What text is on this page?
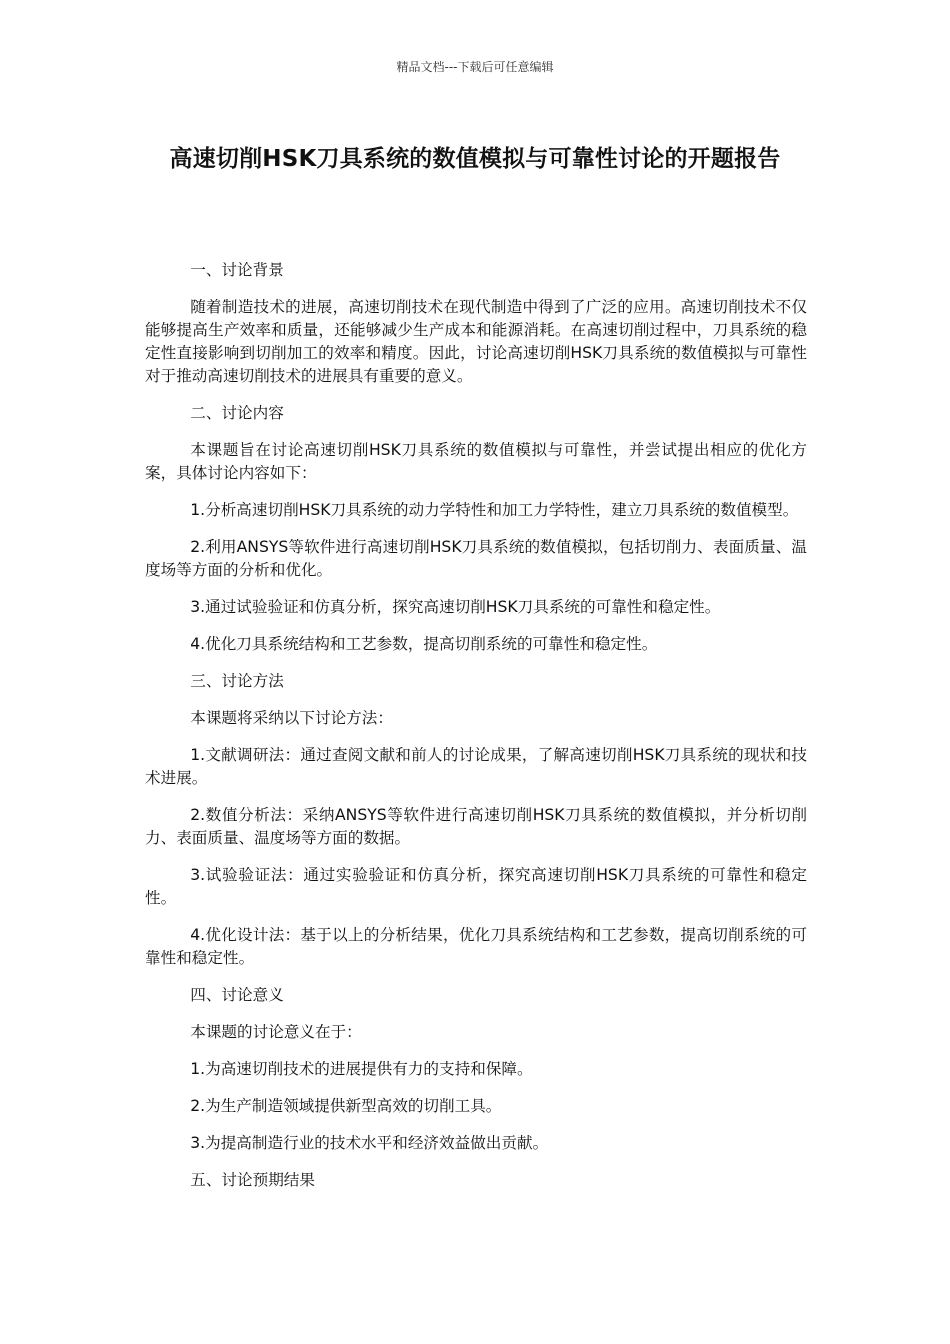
精品文档---下载后可任意编辑
高速切削HSK刀具系统的数值模拟与可靠性讨论的开题报告

一、讨论背景

随着制造技术的进展，高速切削技术在现代制造中得到了广泛的应用。高速切削技术不仅能够提高生产效率和质量，还能够减少生产成本和能源消耗。在高速切削过程中，刀具系统的稳定性直接影响到切削加工的效率和精度。因此，讨论高速切削HSK刀具系统的数值模拟与可靠性对于推动高速切削技术的进展具有重要的意义。

二、讨论内容

本课题旨在讨论高速切削HSK刀具系统的数值模拟与可靠性，并尝试提出相应的优化方案，具体讨论内容如下：

1.分析高速切削HSK刀具系统的动力学特性和加工力学特性，建立刀具系统的数值模型。

2.利用ANSYS等软件进行高速切削HSK刀具系统的数值模拟，包括切削力、表面质量、温度场等方面的分析和优化。

3.通过试验验证和仿真分析，探究高速切削HSK刀具系统的可靠性和稳定性。

4.优化刀具系统结构和工艺参数，提高切削系统的可靠性和稳定性。

三、讨论方法

本课题将采纳以下讨论方法：

1.文献调研法：通过查阅文献和前人的讨论成果，了解高速切削HSK刀具系统的现状和技术进展。

2.数值分析法：采纳ANSYS等软件进行高速切削HSK刀具系统的数值模拟，并分析切削力、表面质量、温度场等方面的数据。

3.试验验证法：通过实验验证和仿真分析，探究高速切削HSK刀具系统的可靠性和稳定性。

4.优化设计法：基于以上的分析结果，优化刀具系统结构和工艺参数，提高切削系统的可靠性和稳定性。

四、讨论意义

本课题的讨论意义在于：

1.为高速切削技术的进展提供有力的支持和保障。

2.为生产制造领域提供新型高效的切削工具。

3.为提高制造行业的技术水平和经济效益做出贡献。

五、讨论预期结果
